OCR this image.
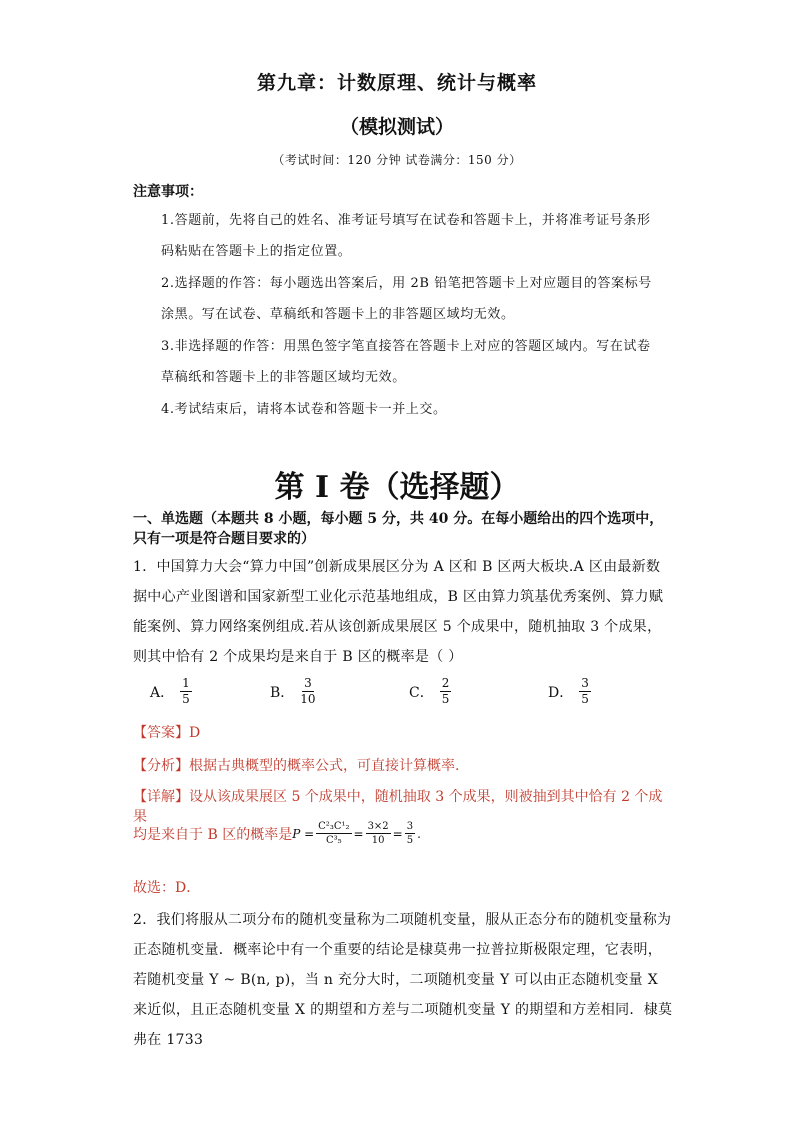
第九章：计数原理、统计与概率
（模拟测试）
（考试时间：120 分钟 试卷满分：150 分）
注意事项：
1.答题前，先将自己的姓名、准考证号填写在试卷和答题卡上，并将准考证号条形码粘贴在答题卡上的指定位置。
2.选择题的作答：每小题选出答案后，用 2B 铅笔把答题卡上对应题目的答案标号涂黑。写在试卷、草稿纸和答题卡上的非答题区域均无效。
3.非选择题的作答：用黑色签字笔直接答在答题卡上对应的答题区域内。写在试卷草稿纸和答题卡上的非答题区域均无效。
4.考试结束后，请将本试卷和答题卡一并上交。
第 I 卷（选择题）
一、单选题（本题共 8 小题，每小题 5 分，共 40 分。在每小题给出的四个选项中，只有一项是符合题目要求的）
1．中国算力大会“算力中国”创新成果展区分为 A 区和 B 区两大板块.A 区由最新数据中心产业图谱和国家新型工业化示范基地组成，B 区由算力筑基优秀案例、算力赋能案例、算力网络案例组成.若从该创新成果展区 5 个成果中，随机抽取 3 个成果，则其中恰有 2 个成果均是来自于 B 区的概率是（ ）
A． $\frac{1}{5}$	B． $\frac{3}{10}$	C． $\frac{2}{5}$	D． $\frac{3}{5}$
【答案】D
【分析】根据古典概型的概率公式，可直接计算概率.
【详解】设从该成果展区 5 个成果中，随机抽取 3 个成果，则被抽到其中恰有 2 个成果
均是来自于 B 区的概率是 $P = \frac{\text{C²₃C¹₂}}{\text{C³₅}} = \frac{3\times 2}{10} = \frac{3}{5}$ .
故选：D．
2．我们将服从二项分布的随机变量称为二项随机变量，服从正态分布的随机变量称为正态随机变量．概率论中有一个重要的结论是棣莫弗一拉普拉斯极限定理，它表明，若随机变量 Y ~ B(n, p)，当 n 充分大时，二项随机变量 Y 可以由正态随机变量 X 来近似，且正态随机变量 X 的期望和方差与二项随机变量 Y 的期望和方差相同．棣莫弗在 1733
